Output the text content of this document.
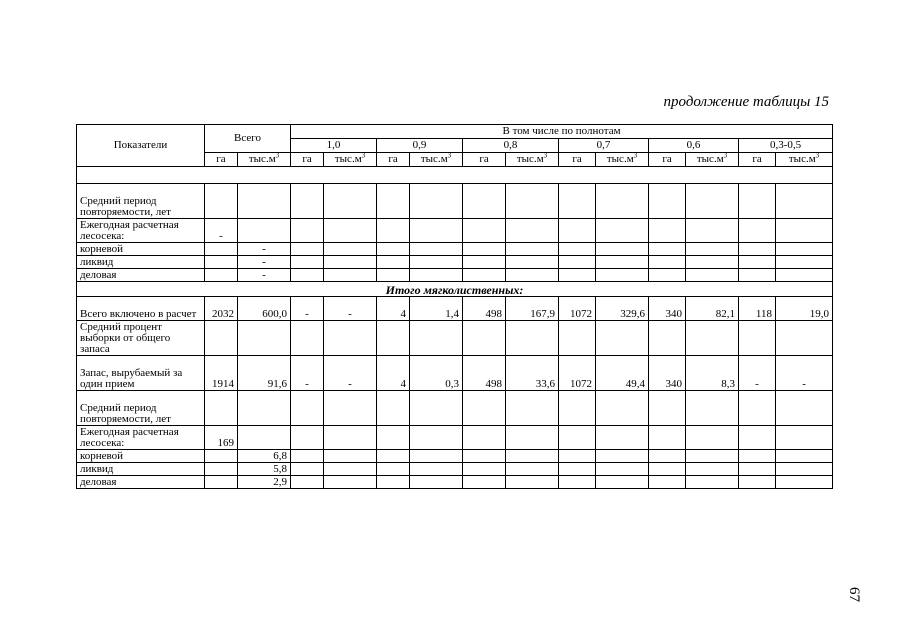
продолжение таблицы 15
Показатели	Всего		В том числе по полнотам											
			1,0		0,9		0,8		0,7		0,6		0,3-0,5	
	га	$тыс.м^3$	га	$тыс.м^3$	га	$тыс.м^3$	га	$тыс.м^3$	га	$тыс.м^3$	га	$тыс.м^3$	га	$тыс.м^3$

Средний период повторяемости, лет														
Ежегодная расчетная лесосека:	-													
корневой		-												
ликвид		-												
деловая		-												
Итого мягколиственных:														
Всего включено в расчет	2032	600,0	-	-	4	1,4	498	167,9	1072	329,6	340	82,1	118	19,0
Средний процент выборки от общего запаса														
Запас, вырубаемый за один прием	1914	91,6	-	-	4	0,3	498	33,6	1072	49,4	340	8,3	-	-
Средний период повторяемости, лет														
Ежегодная расчетная лесосека:	169													
корневой		6,8												
ликвид		5,8												
деловая		2,9												
67
